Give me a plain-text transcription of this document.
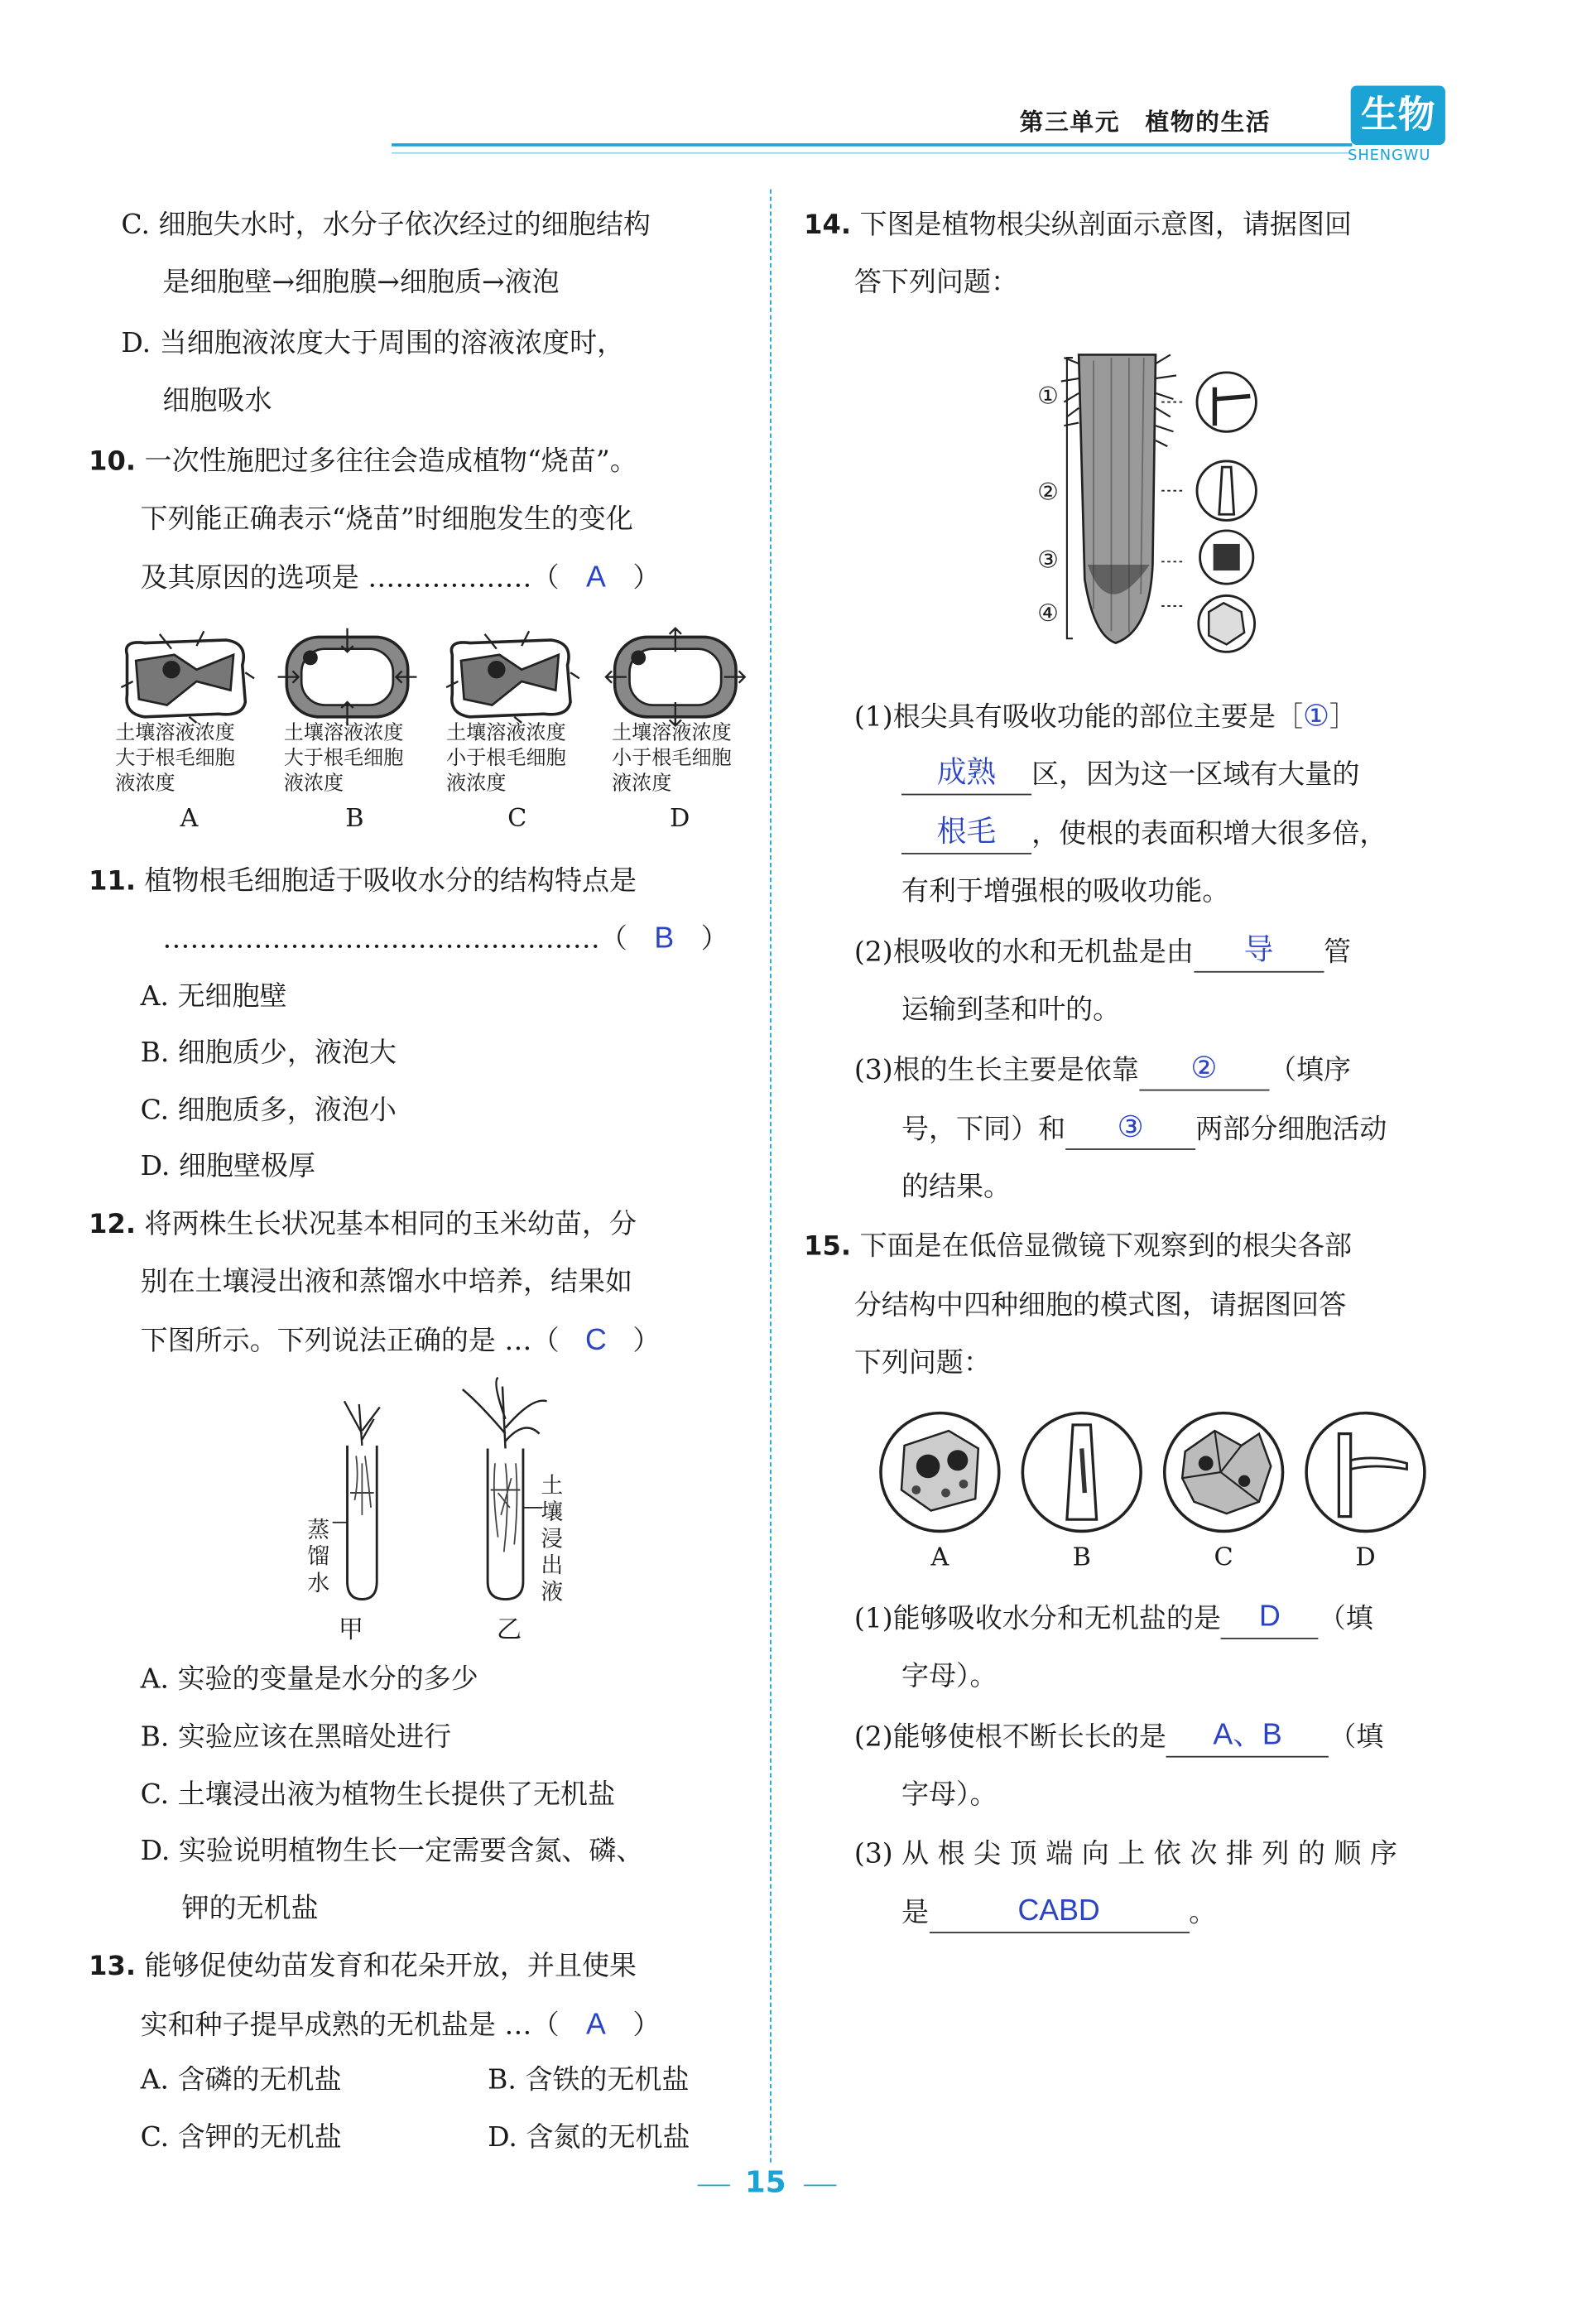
第三单元　植物的生活	生物
SHENGWU
C. 细胞失水时，水分子依次经过的细胞结构
是细胞壁→细胞膜→细胞质→液泡
D. 当细胞液浓度大于周围的溶液浓度时，
细胞吸水
10. 一次性施肥过多往往会造成植物“烧苗”。
下列能正确表示“烧苗”时细胞发生的变化
及其原因的选项是 ………………（ A ）
土壤溶液浓度
大于根毛细胞
液浓度
土壤溶液浓度
大于根毛细胞
液浓度
土壤溶液浓度
小于根毛细胞
液浓度
土壤溶液浓度
小于根毛细胞
液浓度
A	B	C	D
11. 植物根毛细胞适于吸收水分的结构特点是
…………………………………………（ B ）
A. 无细胞壁
B. 细胞质少，液泡大
C. 细胞质多，液泡小
D. 细胞壁极厚
12. 将两株生长状况基本相同的玉米幼苗，分
别在土壤浸出液和蒸馏水中培养，结果如
下图所示。下列说法正确的是 …（ C ）
蒸
馏
水
土
壤
浸
出
液
甲	乙
A. 实验的变量是水分的多少
B. 实验应该在黑暗处进行
C. 土壤浸出液为植物生长提供了无机盐
D. 实验说明植物生长一定需要含氮、磷、
钾的无机盐
13. 能够促使幼苗发育和花朵开放，并且使果
实和种子提早成熟的无机盐是 …（ A ）
A. 含磷的无机盐	B. 含铁的无机盐
C. 含钾的无机盐	D. 含氮的无机盐
14. 下图是植物根尖纵剖面示意图，请据图回
答下列问题：
①
②
③
④
(1)根尖具有吸收功能的部位主要是［①］
成熟 区，因为这一区域有大量的
根毛 ，使根的表面积增大很多倍，
有利于增强根的吸收功能。
(2)根吸收的水和无机盐是由	导	管
运输到茎和叶的。
(3)根的生长主要是依靠	②	（填序
号，下同）和	③	两部分细胞活动
的结果。
15. 下面是在低倍显微镜下观察到的根尖各部
分结构中四种细胞的模式图，请据图回答
下列问题：
A	B	C	D
(1)能够吸收水分和无机盐的是 D （填
字母）。
(2)能够使根不断长长的是	A、B	（填
字母）。
(3) 从 根 尖 顶 端 向 上 依 次 排 列 的 顺 序
是	CABD	。
15
